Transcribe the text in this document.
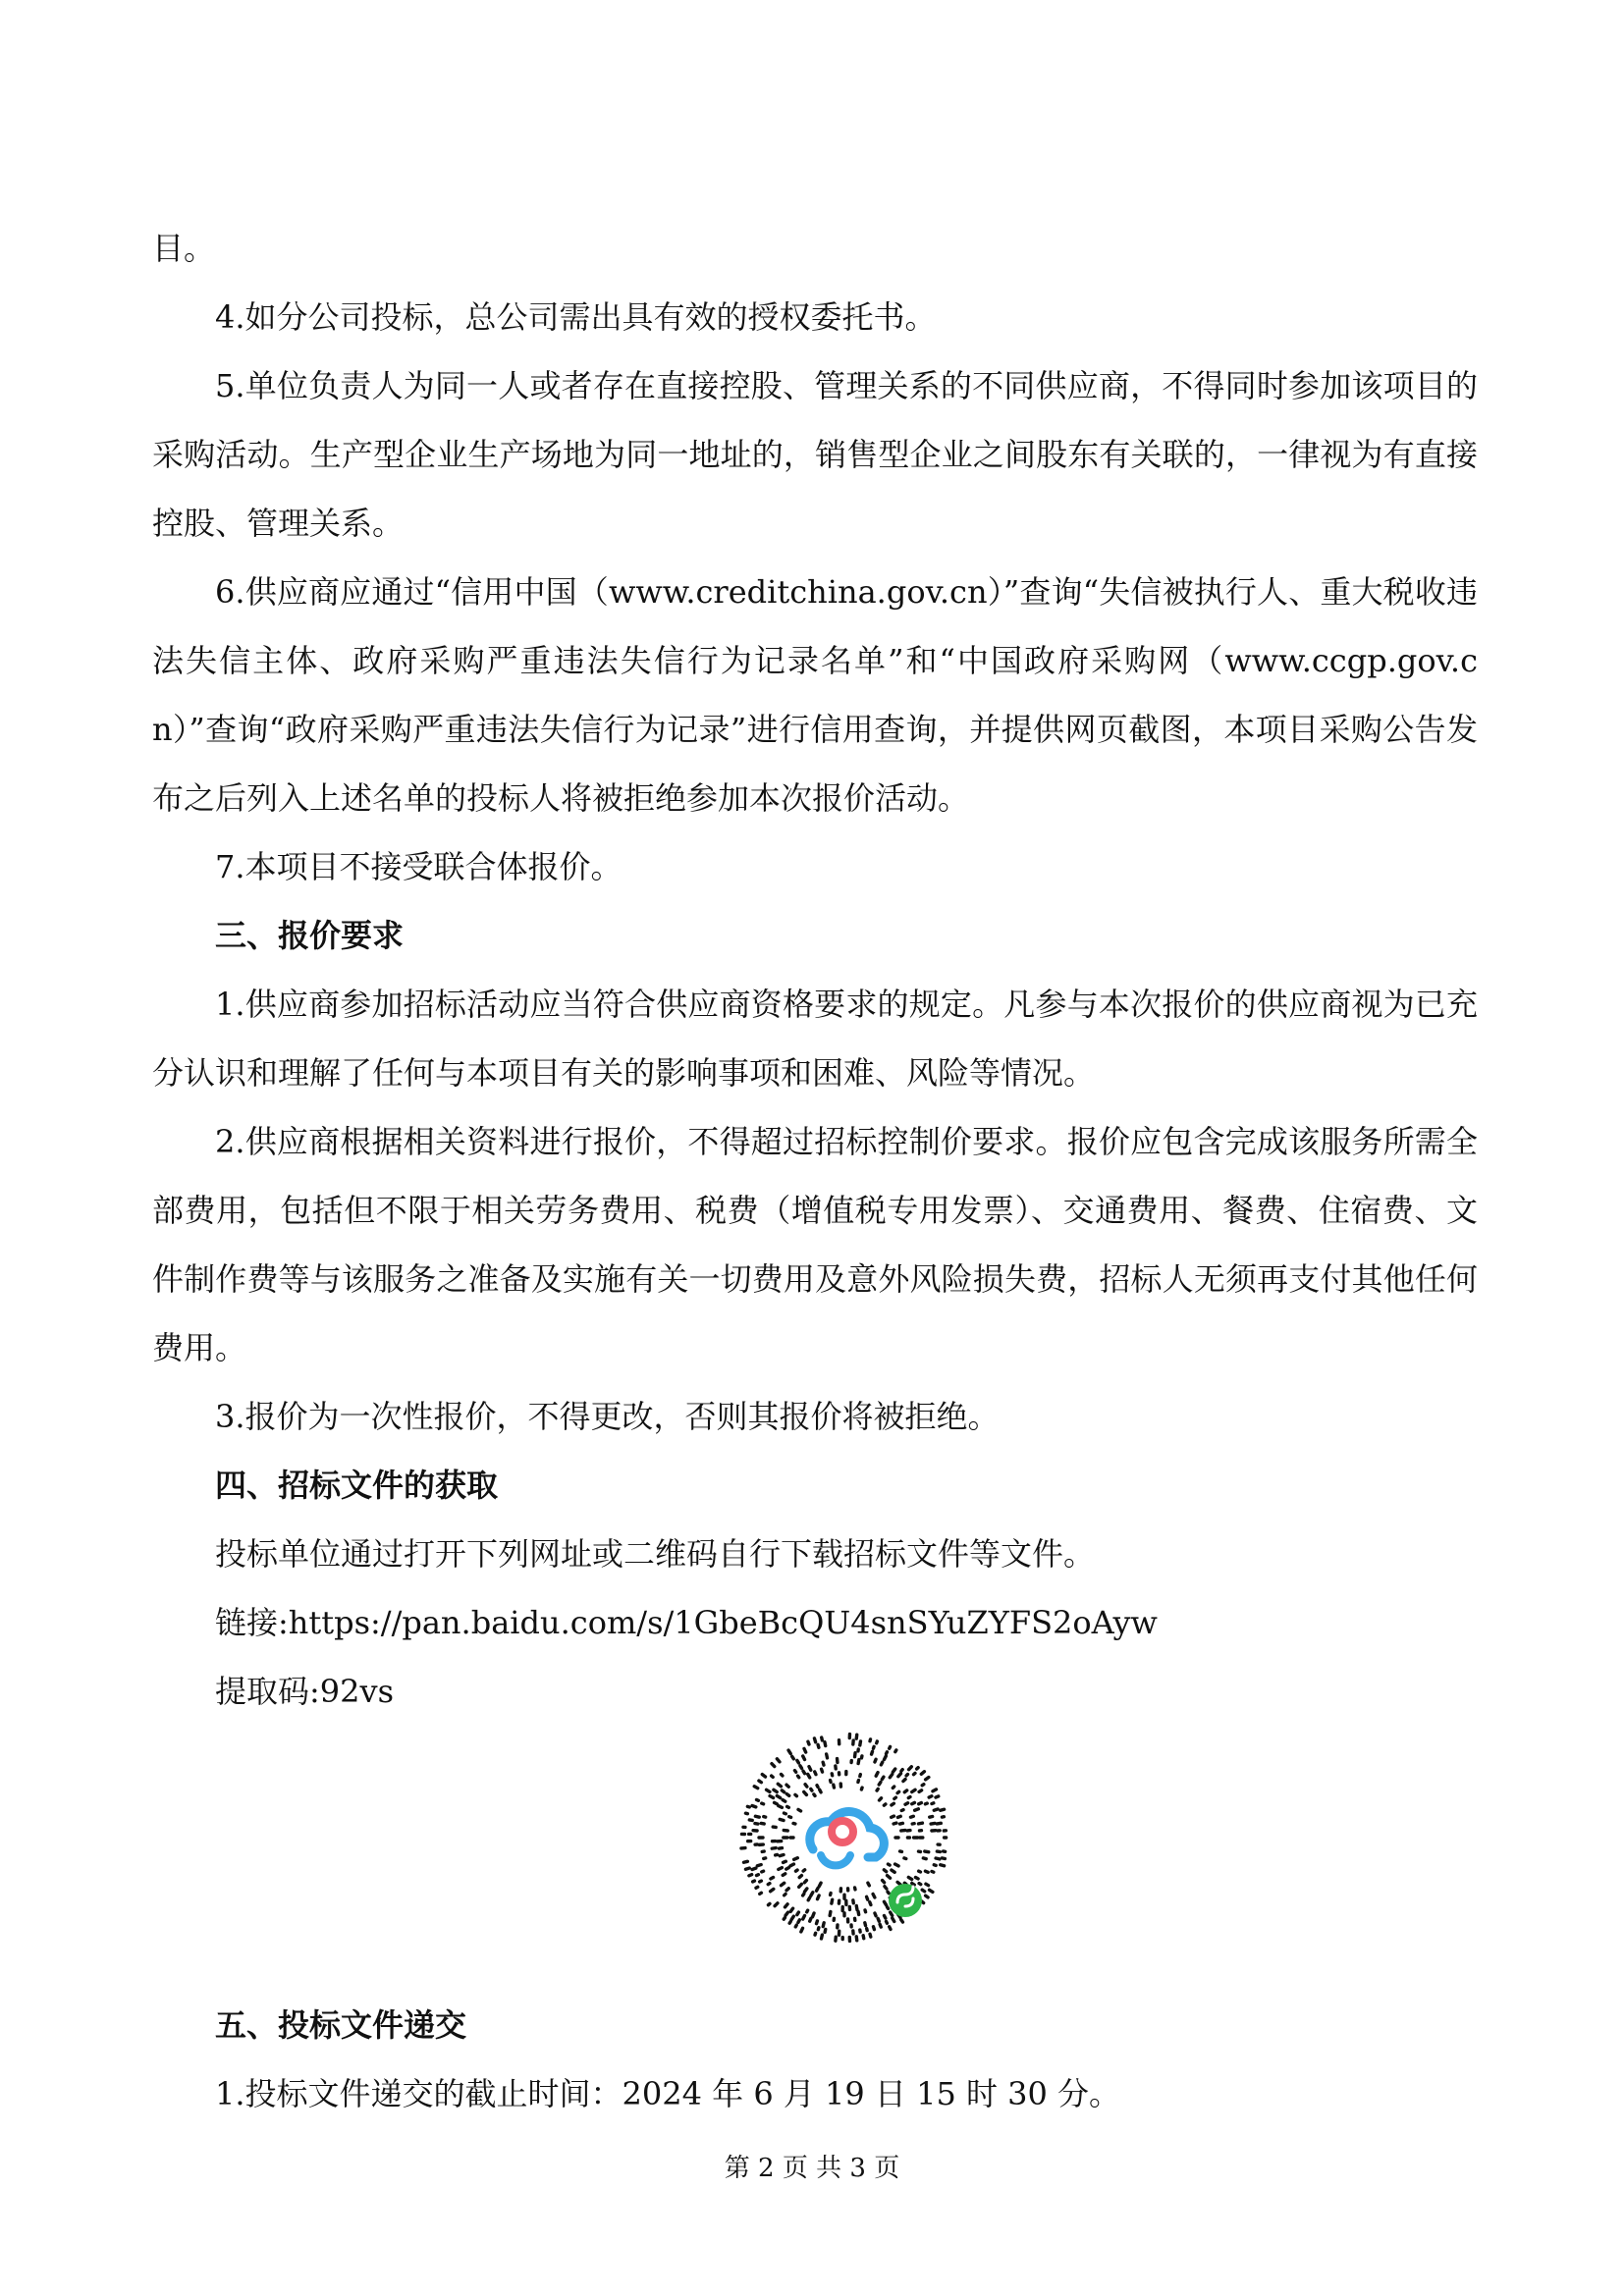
目。

4.如分公司投标，总公司需出具有效的授权委托书。

5.单位负责人为同一人或者存在直接控股、管理关系的不同供应商，不得同时参加该项目的采购活动。生产型企业生产场地为同一地址的，销售型企业之间股东有关联的，一律视为有直接控股、管理关系。

6.供应商应通过“信用中国（www.creditchina.gov.cn）”查询“失信被执行人、重大税收违法失信主体、政府采购严重违法失信行为记录名单”和“中国政府采购网（www.ccgp.gov.cn）”查询“政府采购严重违法失信行为记录”进行信用查询，并提供网页截图，本项目采购公告发布之后列入上述名单的投标人将被拒绝参加本次报价活动。

7.本项目不接受联合体报价。

三、报价要求

1.供应商参加招标活动应当符合供应商资格要求的规定。凡参与本次报价的供应商视为已充分认识和理解了任何与本项目有关的影响事项和困难、风险等情况。

2.供应商根据相关资料进行报价，不得超过招标控制价要求。报价应包含完成该服务所需全部费用，包括但不限于相关劳务费用、税费（增值税专用发票）、交通费用、餐费、住宿费、文件制作费等与该服务之准备及实施有关一切费用及意外风险损失费，招标人无须再支付其他任何费用。

3.报价为一次性报价，不得更改，否则其报价将被拒绝。

四、招标文件的获取

投标单位通过打开下列网址或二维码自行下载招标文件等文件。

链接:https://pan.baidu.com/s/1GbeBcQU4snSYuZYFS2oAyw

提取码:92vs

五、投标文件递交

1.投标文件递交的截止时间：2024 年 6 月 19 日 15 时 30 分。

第 2 页 共 3 页
